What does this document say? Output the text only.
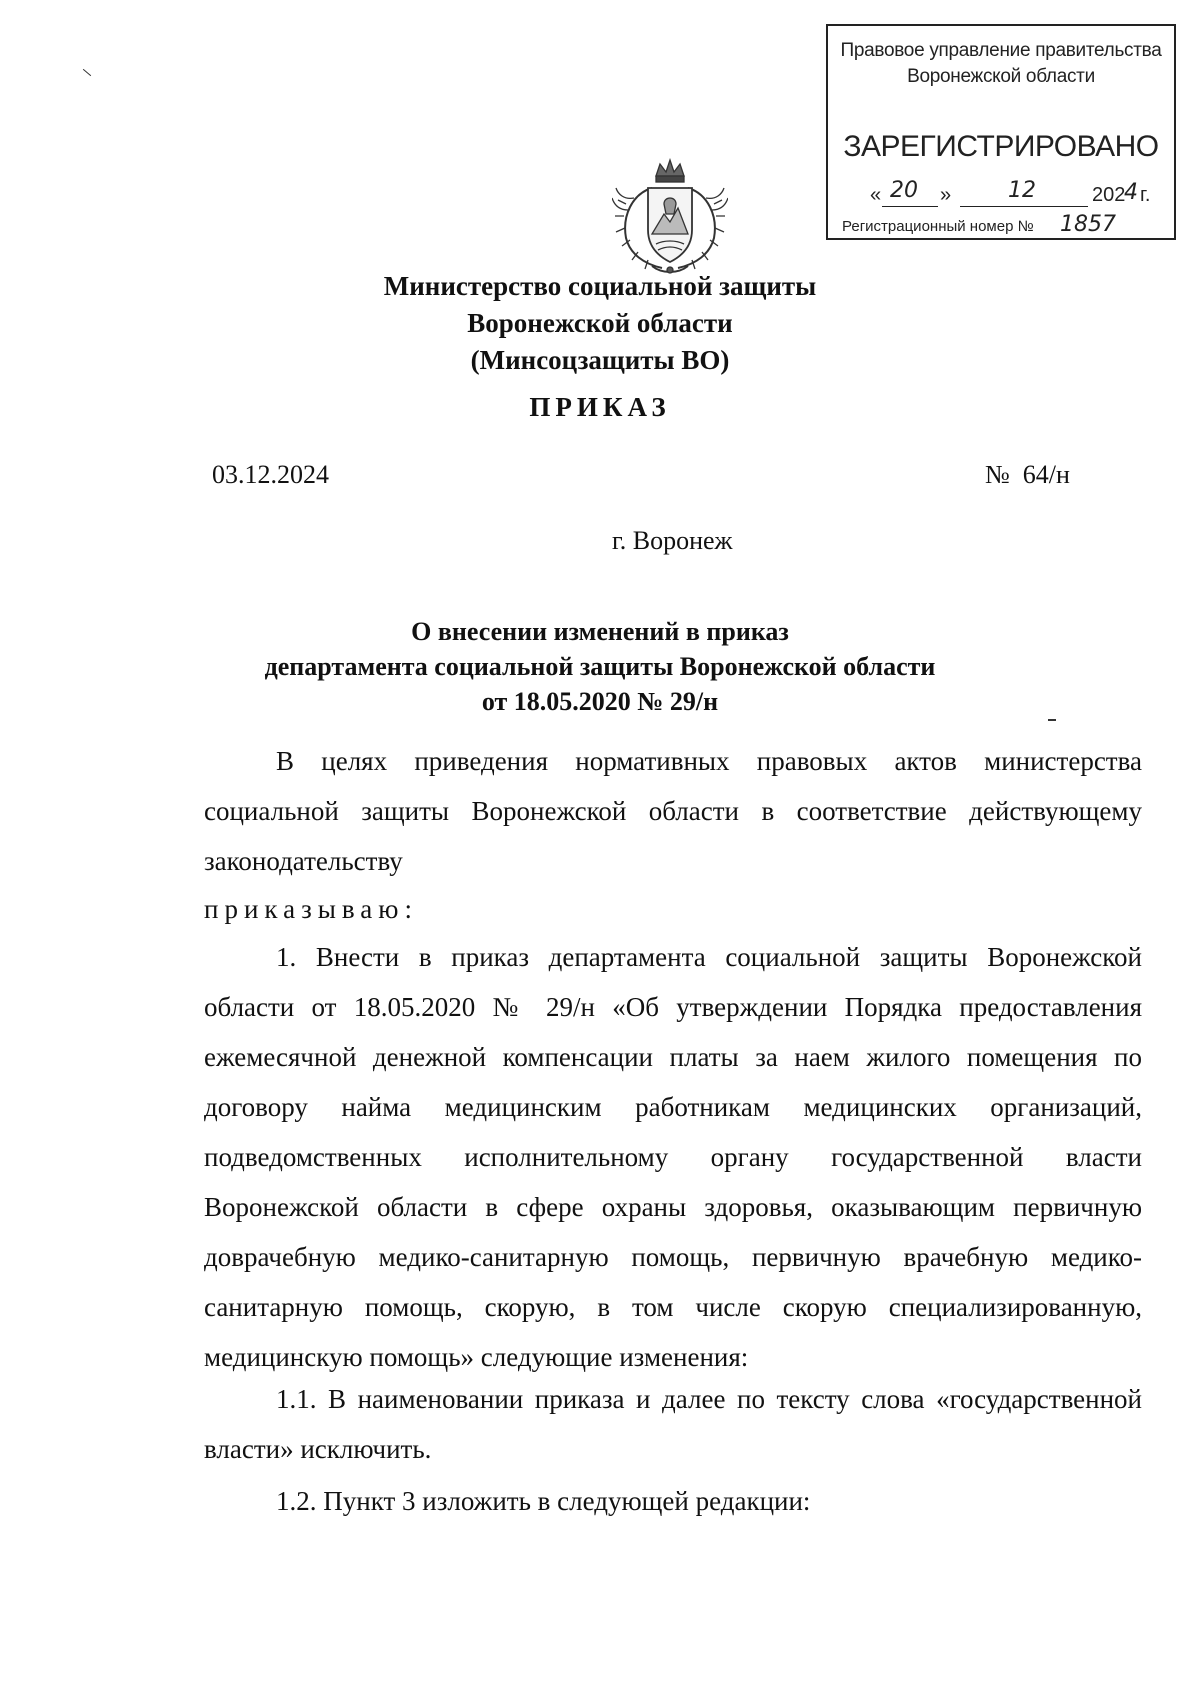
Правовое управление правительства
Воронежской области
ЗАРЕГИСТРИРОВАНО
« 20 »	12	202
4 г.
Регистрационный номер № 1857
Министерство социальной защиты
Воронежской области
(Минсоцзащиты ВО)
ПРИКАЗ
03.12.2024	№  64/н
г. Воронеж
О внесении изменений в приказ
департамента социальной защиты Воронежской области
от 18.05.2020 № 29/н

В целях приведения нормативных правовых актов министерства социальной защиты Воронежской области в соответствие действующему законодательству

приказываю:

1. Внести в приказ департамента социальной защиты Воронежской области от 18.05.2020 № 29/н «Об утверждении Порядка предоставления ежемесячной денежной компенсации платы за наем жилого помещения по договору найма медицинским работникам медицинских организаций, подведомственных исполнительному органу государственной власти Воронежской области в сфере охраны здоровья, оказывающим первичную доврачебную медико-санитарную помощь, первичную врачебную медико-санитарную помощь, скорую, в том числе скорую специализированную, медицинскую помощь» следующие изменения:

1.1. В наименовании приказа и далее по тексту слова «государственной власти» исключить.

1.2. Пункт 3 изложить в следующей редакции:
